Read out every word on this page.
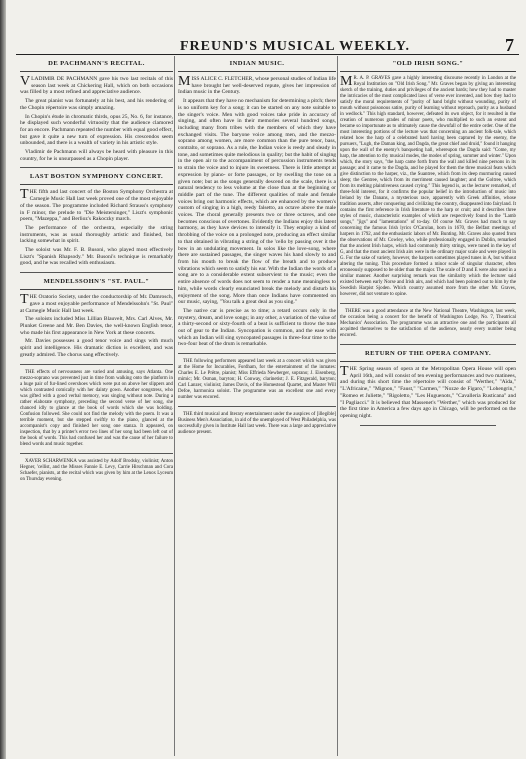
FREUND'S MUSICAL WEEKLY.	7
DE PACHMANN'S RECITAL.

VLADIMIR DE PACHMANN gave his two last recitals of this season last week at Chickering Hall, which on both occasions was filled by a most refined and appreciative audience.

The great pianist was fortunately at his best, and his rendering of the Chopin répertoire was simply amazing.

In Chopin's étude in chromatic thirds, opus 25, No. 6, for instance, he displayed such wonderful virtuosity that the audience clamored for an encore. Pachmann repeated the number with equal good effect, but gave it quite a new turn of expression. His crescendos seem unbounded, and there is a wealth of variety in his artistic style.

Vladimir de Pachmann will always be heard with pleasure in this country, for he is unsurpassed as a Chopin player.

LAST BOSTON SYMPHONY CONCERT.

THE fifth and last concert of the Boston Symphony Orchestra at Carnegie Music Hall last week proved one of the most enjoyable of the season. The programme included Richard Strauss's symphony in F minor, the prelude to "Die Meistersinger," Liszt's symphonic poem, "Mazeppa," and Berlioz's Rakoczky march.

The performance of the orchestra, especially the string instruments, was as usual thoroughly artistic and finished, but lacking somewhat in spirit.

The soloist was Mr. F. B. Busoni, who played most effectively Liszt's "Spanish Rhapsody." Mr. Busoni's technique is remarkably good, and he was recalled with enthusiasm.

MENDELSSOHN'S "ST. PAUL."

THE Oratorio Society, under the conductorship of Mr. Damrosch, gave a most enjoyable performance of Mendelssohn's "St. Paul" at Carnegie Music Hall last week.

The soloists included Miss Lillian Blauvelt, Mrs. Carl Alves, Mr. Plunket Greene and Mr. Ben Davies, the well-known English tenor, who made his first appearance in New York at these concerts.

Mr. Davies possesses a good tenor voice and sings with much spirit and intelligence. His dramatic diction is excellent, and was greatly admired. The chorus sang effectively.

THE effects of nervousness are varied and amusing, says Atlanta. One mezzo-soprano was prevented just in time from walking onto the platform in a huge pair of fur-lined overshoes which were put on above her slippers and which contrasted comically with her dainty gown. Another songstress, who was gifted with a good verbal memory, was singing without note. During a rather elaborate symphony, preceding the second verse of her song, she chanced idly to glance at the book of words which she was holding. Confusion followed. She could not find the melody with the poem. It was a terrible moment, but she stepped swiftly to the piano, glanced at the accompanist's copy and finished her song one stanza. It appeared, on inspection, that by a printer's error two lines of her song had been left out of the book of words. This had confused her and was the cause of her failure to blend words and music together.

XAVER SCHARWENKA was assisted by Adolf Brodsky, violinist; Anton Hegner, 'cellist, and the Misses Fannie E. Levy, Carrie Hirschman and Cora Schaefer, pianists, at the recital which was given by him at the Lenox Lyceum on Thursday evening.

INDIAN MUSIC.

MISS ALICE C. FLETCHER, whose personal studies of Indian life have brought her well-deserved repute, gives her impression of Indian music in the Century.

It appears that they have no mechanism for determining a pitch; there is no uniform key for a song; it can be started on any note suitable to the singer's voice. Men with good voices take pride in accuracy of singing, and often have in their memories several hundred songs, including many from tribes with the members of which they have exchanged visits. The baryone voice among men, and the mezzo-soprano among women, are more common than the pure tenor, bass, contralto, or soprano. As a rule, the Indian voice is reedy and sleady in tone, and sometimes quite melodious in quality; but the habit of singing in the open air to the accompaniment of percussion instruments tends to strain the voice and to injure its sweetness. There is little attempt at expression by piano- or forte passages, or by swelling the tone on a given note; but as the songs generally descend on the scale, there is a natural tendency to less volume at the close than at the beginning or middle part of the tune. The different qualities of male and female voices bring out harmonic effects, which are enhanced by the women's custom of singing in a high, reedy falsetto, an octave above the male voices. The choral generally presents two or three octaves, and one becomes conscious of overtones. Evidently the Indians enjoy this latent harmony, as they have devices to intensify it. They employ a kind of throbbing of the voice on a prolonged note, producing an effect similar to that obtained in vibrating a string of the 'cello by passing over it the bow in an undulating movement. In solos like the love-song, where there are sustained passages, the singer waves his hand slowly to and from his mouth to break the flow of the breath and to produce vibrations which seem to satisfy his ear. With the Indian the words of a song are to a considerable extent subservient to the music; even the entire absence of words does not seem to render a tune meaningless to him, while words clearly enunciated break the melody and disturb his enjoyment of the song. More than once Indians have commented on our music, saying, "You talk a great deal as you sing."

The native car is precise as to time; a retard occurs only in the mystery, dream, and love songs; in any other, a variation of the value of a thirty-second or sixty-fourth of a beat is sufficient to throw the tune out of gear to the Indian. Syncopation is common, and the ease with which an Indian will sing syncopated passages in three-four time to the two-four beat of the drum is remarkable.

THE following performers appeared last week at a concert which was given at the Home for Incurables, Fordham, for the entertainment of the inmates: Charles E. Le Prêtre, pianist; Miss Effrieda Newberger, soprano; J. Eisenberg, mimic; Mr. Osman, baryton; H. Conway, clarinetist; J. E. Fitzgerald, baryton; Carl Lanzer, violinist; James Davis, of the Homestead Quartet, and Master Will Defoe, harmonica soloist. The programme was an excellent one and every number was encored.

THE third musical and literary entertainment under the auspices of [illegible] Business Men's Association, in aid of the unemployed of West Philadelphia, was successfully given in Institute Hall last week. There was a large and appreciative audience present.

"OLD IRISH SONG."

M R. A. P. GRAVES gave a highly interesting discourse recently in London at the Royal Institution on "Old Irish Song." Mr. Graves began by giving an interesting sketch of the training, duties and privileges of the ancient bards; how they had to master the intricacies of the most complicated laws of verse ever invented, and how they had to satisfy the moral requirements of "purity of hand bright without wounding, purity of mouth without poisonous satire, purity of learning without reproach, purity as a husband in wedlock." This high standard, however, defeated its own object, for it resulted in the creation of numerous grades of minor poets, who multiplied to such an extent and became so importunate as to ultimately cause the downfall of the entire order. One of the most interesting portions of the lecture was that concerning an ancient folk-tale, which related how the harp of a celebrated bard having been captured by the enemy, the pursuers, "Lugh, the Daman king, and Dagda, the great chief and druid," found it hanging upon the wall of the enemy's banqueting hall, whereupon the Dagda said: "Come, my harp, the attention to thy musical modes, the modes of spring, summer and winter." Upon which, the story says, "the harp came forth from the wall and killed nine persons in its passage; and it came to the Dagda, and he played for them the three musical feats which give distinction to the harper, viz., the Suantree, which from its deep murmuring caused sleep; the Gentree, which from its merriment caused laughter; and the Goltree, which from its melting plaintiveness caused crying." This legend is, as the lecturer remarked, of three-fold interest, for it confirms the popular belief in the introduction of music into Ireland by the Danans, a mysterious race, apparently with Greek affinities, whose tradition asserts, after conquering and civilizing the country, disappeared into fairyland. It contains the first reference in Irish literature to the harp or cruit; and it describes three styles of music, characteristic examples of which are respectively found in the "Lamb songs," "jigs" and "lamentations" of to-day. Of course Mr. Graves had much to say concerning the famous Irish lyrics O'Carolan, born in 1670, the Belfast meetings of harpers in 1792, and the enthusiastic labors of Mr. Bunting. Mr. Graves also quoted from the observations of Mr. Cowley, who, while professionally engaged in Dublin, remarked that the ancient Irish harps, which had commonly thirty strings, were tuned in the key of G, and that the most ancient Irish airs were in the ordinary major scale and were played in G. For the sake of variety, however, the harpers sometimes played tunes in A, but without altering the tuning. This procedure formed a minor scale of singular character, often erroneously supposed to be older than the major. The scale of D and E were also used in a similar manner. Another surprising remark was the similarity which the lecturer said existed between early Norse and Irish airs, and which had been pointed out to him by the Swedish Harpist Sjoden. Which country assumed more from the other Mr. Graves, however, did not venture to opine.

THERE was a good attendance at the New National Theatre, Washington, last week, the occasion being a concert for the benefit of Washington Lodge, No. 7, Theatrical Mechanics' Association. The programme was an attractive one and the participants all acquitted themselves to the satisfaction of the audience, nearly every number being encored.

RETURN OF THE OPERA COMPANY.

THE Spring season of opera at the Metropolitan Opera House will open April 16th, and will consist of ten evening performances and two matinees, and during this short time the répertoire will consist of "Werther," "Aïda," "L'Africaine," "Mignon," "Faust," "Carmen," "Nozze de Figaro," "Lohengrin," "Romeo et Juliette," "Rigoletto," "Les Huguenots," "Cavalleria Rusticana" and "I Pagliacci." It is believed that Massenet's "Werther," which was produced for the first time in America a few days ago in Chicago, will be performed on the opening night.
